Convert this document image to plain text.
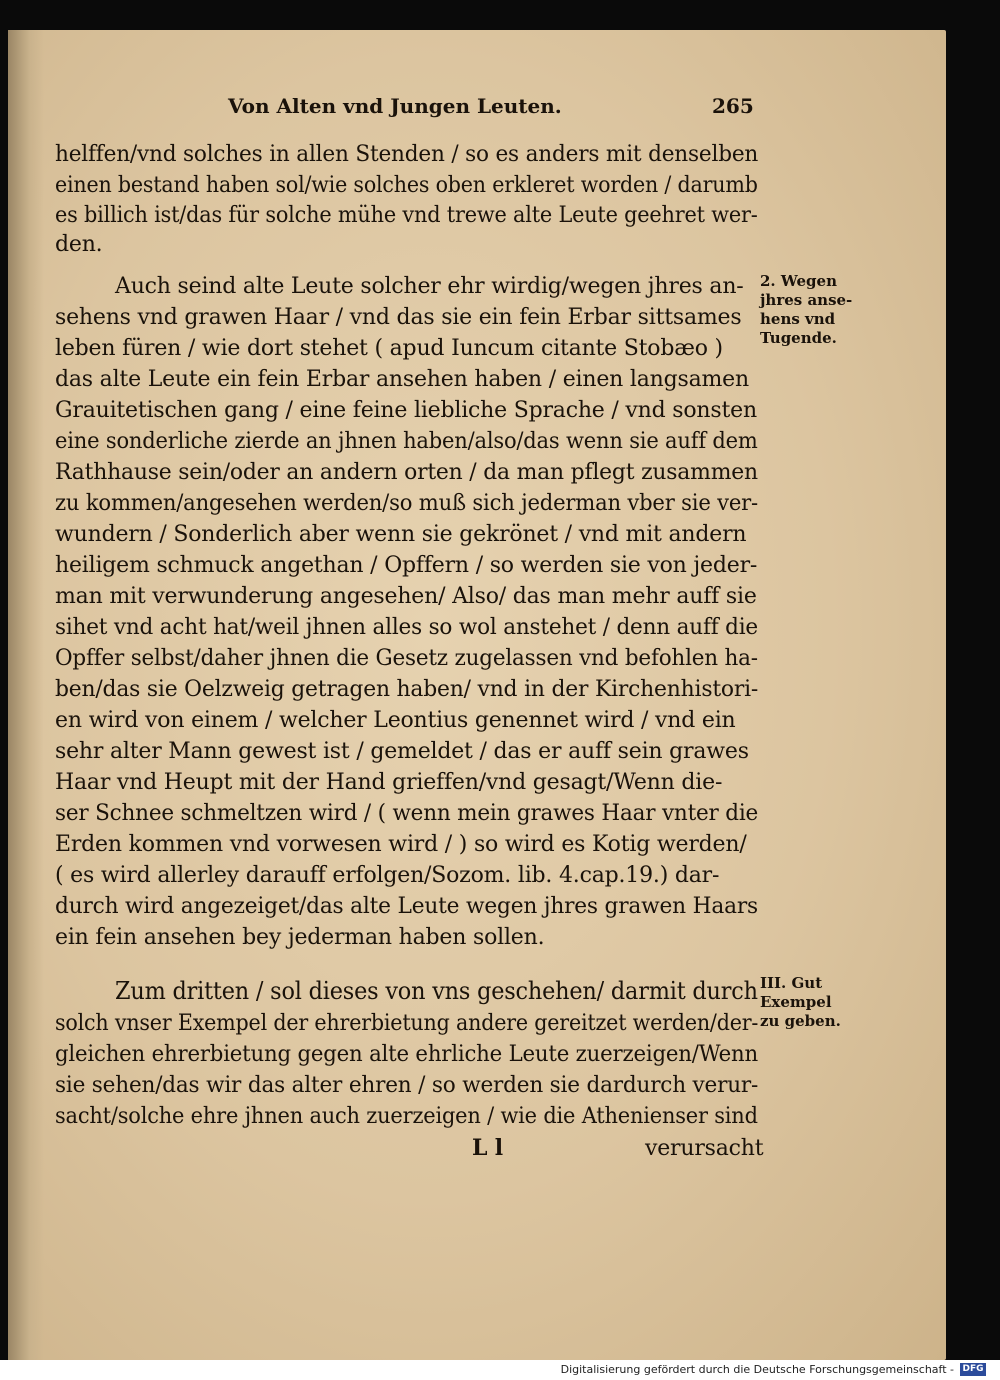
Von Alten vnd Jungen Leuten.	265
helffen/vnd solches in allen Stenden / so es anders mit denselben
einen bestand haben sol/wie solches oben erkleret worden / darumb
es billich ist/das für solche mühe vnd trewe alte Leute geehret wer-
den.
Auch seind alte Leute solcher ehr wirdig/wegen jhres an-
sehens vnd grawen Haar / vnd das sie ein fein Erbar sittsames
leben füren / wie dort stehet ( apud Iuncum citante Stobæo )
das alte Leute ein fein Erbar ansehen haben / einen langsamen
Grauitetischen gang / eine feine liebliche Sprache / vnd sonsten
eine sonderliche zierde an jhnen haben/also/das wenn sie auff dem
Rathhause sein/oder an andern orten / da man pflegt zusammen
zu kommen/angesehen werden/so muß sich jederman vber sie ver-
wundern / Sonderlich aber wenn sie gekrönet / vnd mit andern
heiligem schmuck angethan / Opffern / so werden sie von jeder-
man mit verwunderung angesehen/ Also/ das man mehr auff sie
sihet vnd acht hat/weil jhnen alles so wol anstehet / denn auff die
Opffer selbst/daher jhnen die Gesetz zugelassen vnd befohlen ha-
ben/das sie Oelzweig getragen haben/ vnd in der Kirchenhistori-
en wird von einem / welcher Leontius genennet wird / vnd ein
sehr alter Mann gewest ist / gemeldet / das er auff sein grawes
Haar vnd Heupt mit der Hand grieffen/vnd gesagt/Wenn die-
ser Schnee schmeltzen wird / ( wenn mein grawes Haar vnter die
Erden kommen vnd vorwesen wird / ) so wird es Kotig werden/
( es wird allerley darauff erfolgen/Sozom. lib. 4.cap.19.) dar-
durch wird angezeiget/das alte Leute wegen jhres grawen Haars
ein fein ansehen bey jederman haben sollen.
Zum dritten / sol dieses von vns geschehen/ darmit durch
solch vnser Exempel der ehrerbietung andere gereitzet werden/der-
gleichen ehrerbietung gegen alte ehrliche Leute zuerzeigen/Wenn
sie sehen/das wir das alter ehren / so werden sie dardurch verur-
sacht/solche ehre jhnen auch zuerzeigen / wie die Athenienser sind
L l	verursacht
2. Wegen
jhres anse-
hens vnd
Tugende.
III. Gut
Exempel
zu geben.
Digitalisierung gefördert durch die Deutsche Forschungsgemeinschaft - DFG
